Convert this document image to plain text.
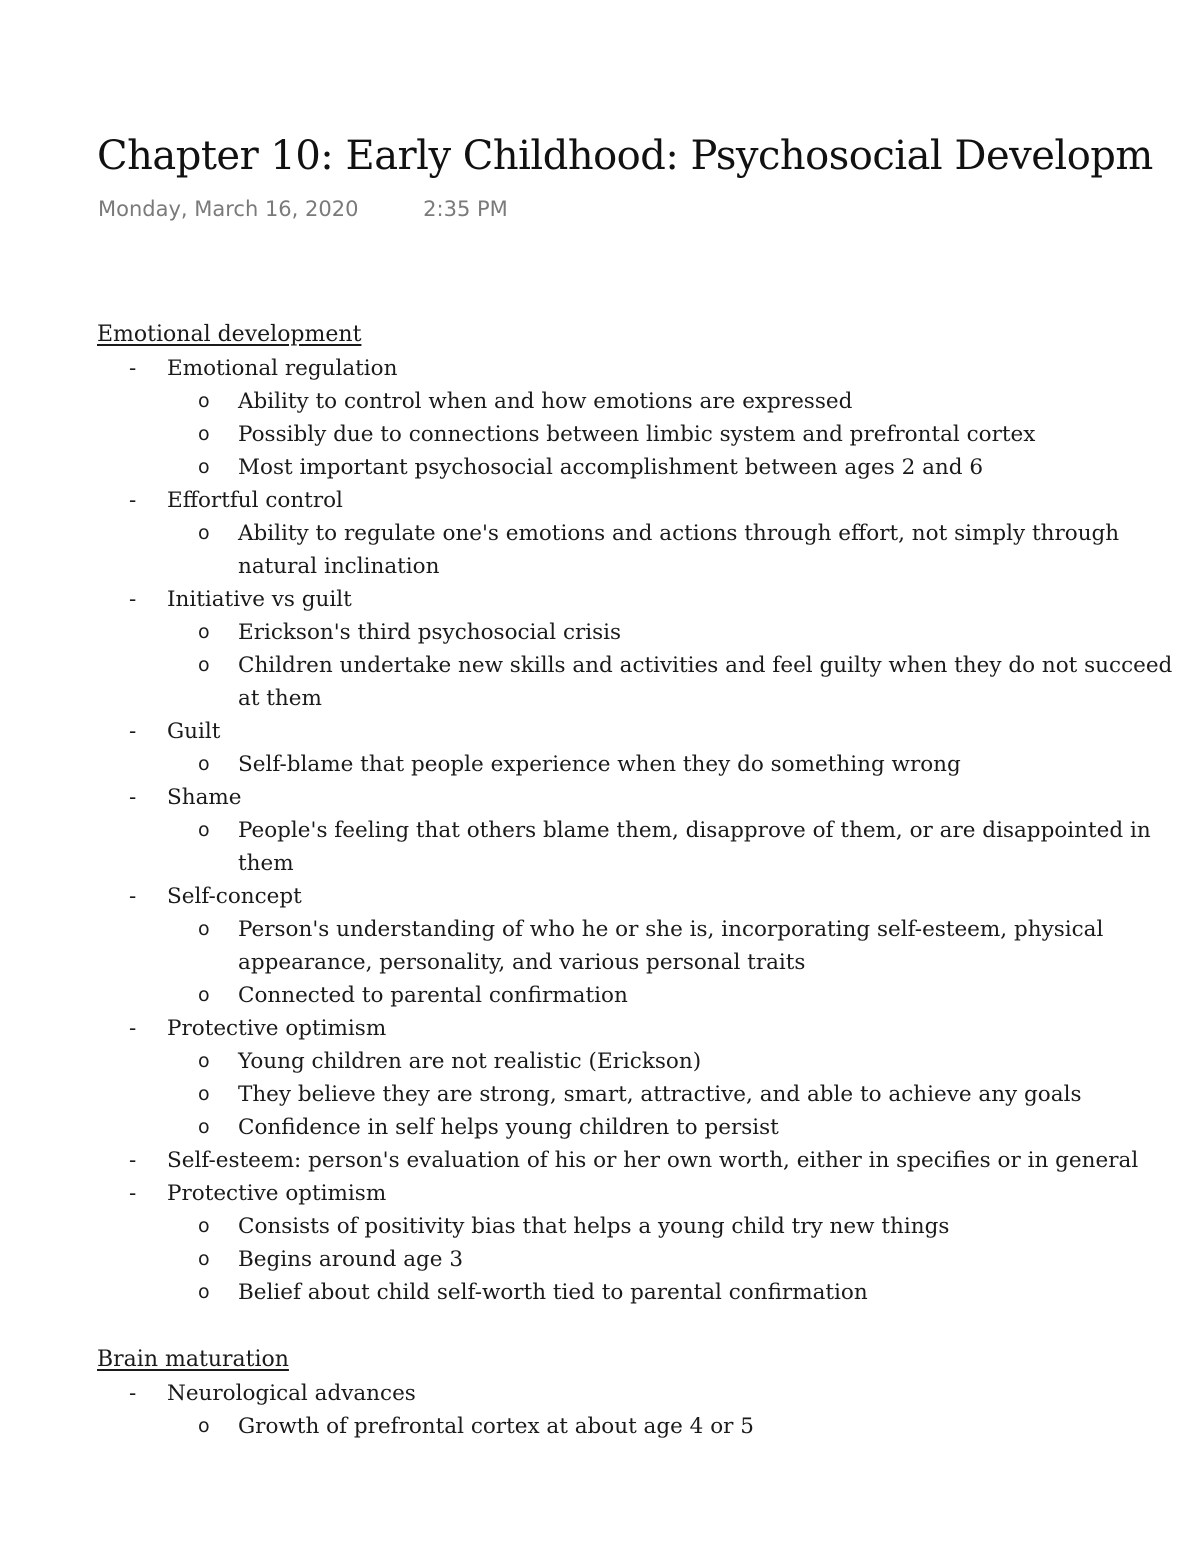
Chapter 10: Early Childhood: Psychosocial Developm
Monday, March 16, 2020	2:35 PM
Emotional development
- Emotional regulation
o Ability to control when and how emotions are expressed
o Possibly due to connections between limbic system and prefrontal cortex
o Most important psychosocial accomplishment between ages 2 and 6
- Effortful control
o Ability to regulate one's emotions and actions through effort, not simply through natural inclination
- Initiative vs guilt
o Erickson's third psychosocial crisis
o Children undertake new skills and activities and feel guilty when they do not succeed at them
- Guilt
o Self-blame that people experience when they do something wrong
- Shame
o People's feeling that others blame them, disapprove of them, or are disappointed in them
- Self-concept
o Person's understanding of who he or she is, incorporating self-esteem, physical appearance, personality, and various personal traits
o Connected to parental confirmation
- Protective optimism
o Young children are not realistic (Erickson)
o They believe they are strong, smart, attractive, and able to achieve any goals
o Confidence in self helps young children to persist
- Self-esteem: person's evaluation of his or her own worth, either in specifies or in general
- Protective optimism
o Consists of positivity bias that helps a young child try new things
o Begins around age 3
o Belief about child self-worth tied to parental confirmation
Brain maturation
- Neurological advances
o Growth of prefrontal cortex at about age 4 or 5
